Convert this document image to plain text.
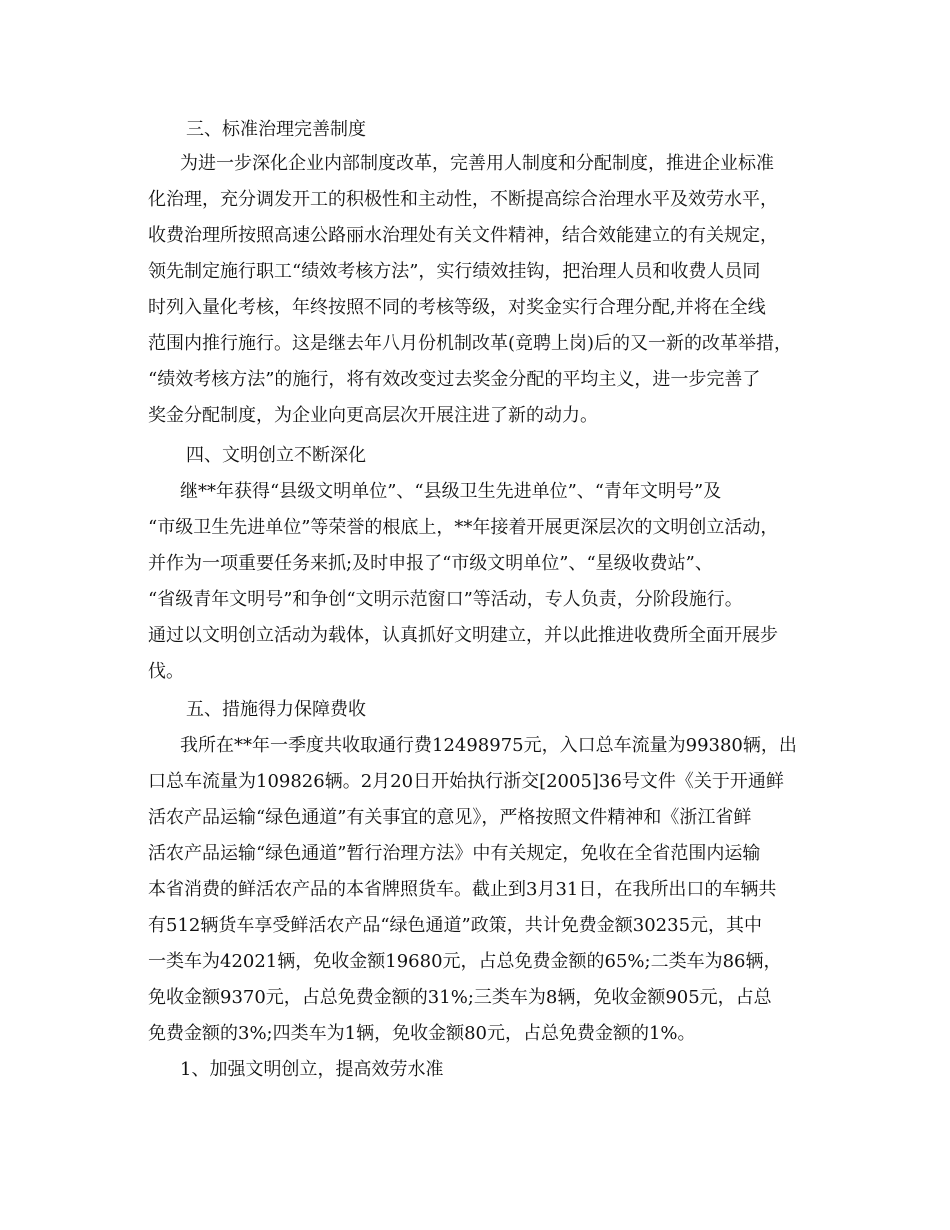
三、标准治理完善制度
为进一步深化企业内部制度改革，完善用人制度和分配制度，推进企业标准
化治理，充分调发开工的积极性和主动性，不断提高综合治理水平及效劳水平，
收费治理所按照高速公路丽水治理处有关文件精神，结合效能建立的有关规定，
领先制定施行职工“绩效考核方法”，实行绩效挂钩，把治理人员和收费人员同
时列入量化考核，年终按照不同的考核等级，对奖金实行合理分配,并将在全线
范围内推行施行。这是继去年八月份机制改革(竟聘上岗)后的又一新的改革举措，
“绩效考核方法”的施行，将有效改变过去奖金分配的平均主义，进一步完善了
奖金分配制度，为企业向更高层次开展注进了新的动力。
四、文明创立不断深化
继**年获得“县级文明单位”、“县级卫生先进单位”、“青年文明号”及
“市级卫生先进单位”等荣誉的根底上，**年接着开展更深层次的文明创立活动，
并作为一项重要任务来抓;及时申报了“市级文明单位”、“星级收费站”、
“省级青年文明号”和争创“文明示范窗口”等活动，专人负责，分阶段施行。
通过以文明创立活动为载体，认真抓好文明建立，并以此推进收费所全面开展步
伐。
五、措施得力保障费收
我所在**年一季度共收取通行费12498975元，入口总车流量为99380辆，出
口总车流量为109826辆。2月20日开始执行浙交[2005]36号文件《关于开通鲜
活农产品运输“绿色通道”有关事宜的意见》，严格按照文件精神和《浙江省鲜
活农产品运输“绿色通道”暂行治理方法》中有关规定，免收在全省范围内运输
本省消费的鲜活农产品的本省牌照货车。截止到3月31日，在我所出口的车辆共
有512辆货车享受鲜活农产品“绿色通道”政策，共计免费金额30235元，其中
一类车为42021辆，免收金额19680元，占总免费金额的65%;二类车为86辆，
免收金额9370元，占总免费金额的31%;三类车为8辆，免收金额905元，占总
免费金额的3%;四类车为1辆，免收金额80元，占总免费金额的1%。
1、加强文明创立，提高效劳水准
